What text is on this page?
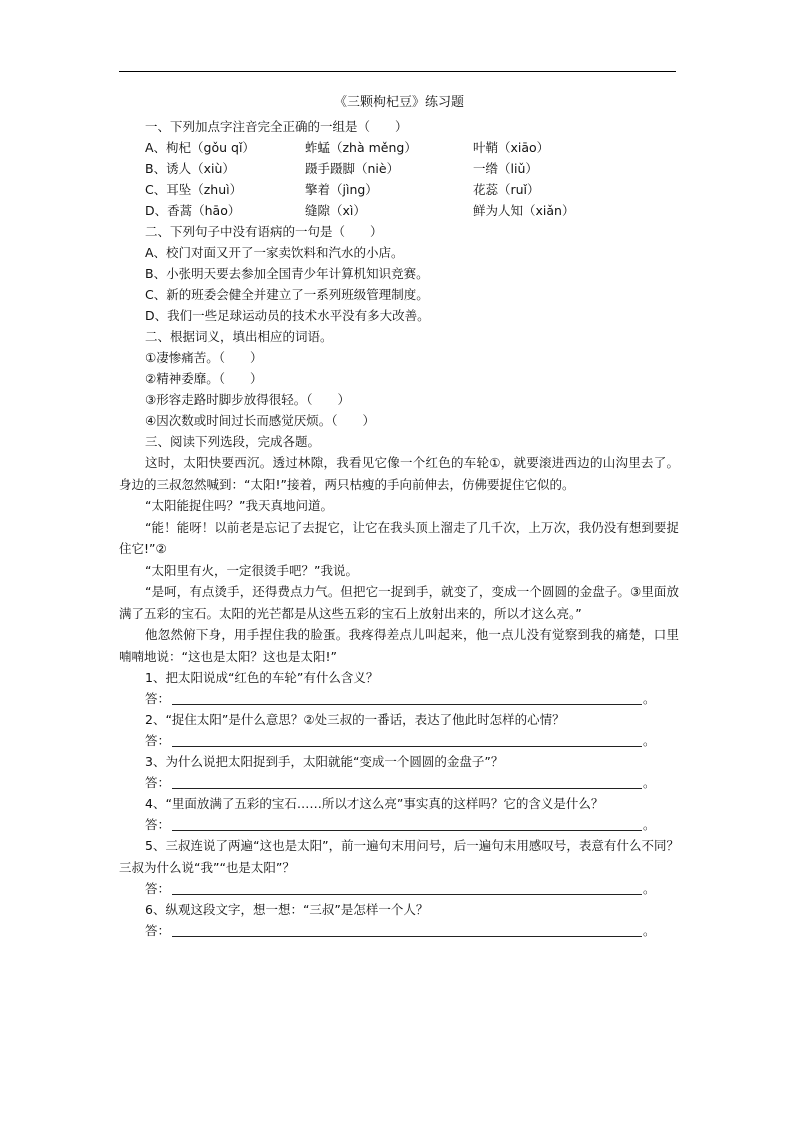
《三颗枸杞豆》练习题
一、下列加点字注音完全正确的一组是（　　）
A、枸杞（gǒu qǐ）	蚱蜢（zhà měng）	叶鞘（xiāo）
B、诱人（xiù）	蹑手蹑脚（niè）	一绺（liǔ）
C、耳坠（zhuì）	擎着（jìng）	花蕊（ruǐ）
D、香蒿（hāo）	缝隙（xì）	鲜为人知（xiǎn）
二、下列句子中没有语病的一句是（　　）
A、校门对面又开了一家卖饮料和汽水的小店。
B、小张明天要去参加全国青少年计算机知识竞赛。
C、新的班委会健全并建立了一系列班级管理制度。
D、我们一些足球运动员的技术水平没有多大改善。
二、根据词义，填出相应的词语。
①凄惨痛苦。（　　）
②精神委靡。（　　）
③形容走路时脚步放得很轻。（　　）
④因次数或时间过长而感觉厌烦。（　　）
三、阅读下列选段，完成各题。
这时，太阳快要西沉。透过林隙，我看见它像一个红色的车轮①，就要滚进西边的山沟里去了。身边的三叔忽然喊到：“太阳!”接着，两只枯瘦的手向前伸去，仿佛要捉住它似的。
“太阳能捉住吗？”我天真地问道。
“能！能呀！以前老是忘记了去捉它，让它在我头顶上溜走了几千次，上万次，我仍没有想到要捉住它!”②
“太阳里有火，一定很烫手吧？”我说。
“是呵，有点烫手，还得费点力气。但把它一捉到手，就变了，变成一个圆圆的金盘子。③里面放满了五彩的宝石。太阳的光芒都是从这些五彩的宝石上放射出来的，所以才这么亮。”
他忽然俯下身，用手捏住我的脸蛋。我疼得差点儿叫起来，他一点儿没有觉察到我的痛楚，口里喃喃地说：“这也是太阳？这也是太阳!”
1、把太阳说成“红色的车轮”有什么含义？
答：	。
2、“捉住太阳”是什么意思？②处三叔的一番话，表达了他此时怎样的心情？
答：	。
3、为什么说把太阳捉到手，太阳就能“变成一个圆圆的金盘子”？
答：	。
4、“里面放满了五彩的宝石……所以才这么亮”事实真的这样吗？它的含义是什么？
答：	。
5、三叔连说了两遍“这也是太阳”，前一遍句末用问号，后一遍句末用感叹号，表意有什么不同？三叔为什么说“我”“也是太阳”？
答：	。
6、纵观这段文字，想一想：“三叔”是怎样一个人？
答：	。
